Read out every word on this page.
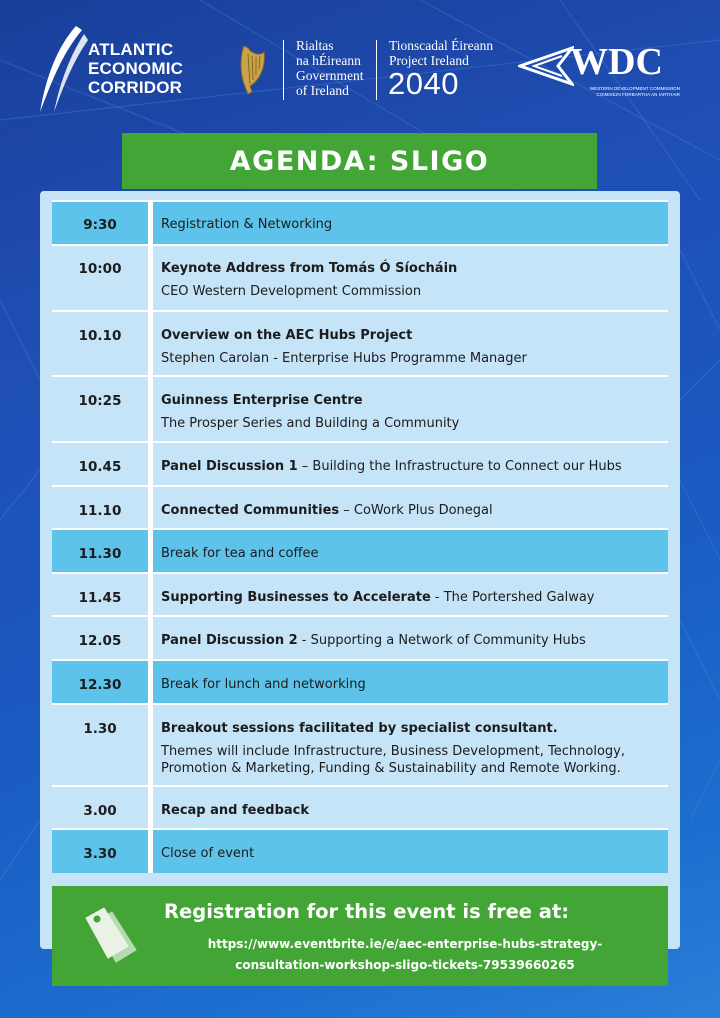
ATLANTIC
ECONOMIC
CORRIDOR
Rialtas
na hÉireann
Government
of Ireland
Tionscadal Éireann
Project Ireland
2040
WDC
WESTERN DEVELOPMENT COMMISSION
COIMISIÚN FORBARTHA AN IARTHAIR
AGENDA: SLIGO
9:30	Registration & Networking
10:00	Keynote Address from Tomás Ó Síocháin
CEO Western Development Commission
10.10	Overview on the AEC Hubs Project
Stephen Carolan - Enterprise Hubs Programme Manager
10:25	Guinness Enterprise Centre
The Prosper Series and Building a Community
10.45	Panel Discussion 1 – Building the Infrastructure to Connect our Hubs
11.10	Connected Communities – CoWork Plus Donegal
11.30	Break for tea and coffee
11.45	Supporting Businesses to Accelerate - The Portershed Galway
12.05	Panel Discussion 2 - Supporting a Network of Community Hubs
12.30	Break for lunch and networking
1.30	Breakout sessions facilitated by specialist consultant.
Themes will include Infrastructure, Business Development, Technology, Promotion & Marketing, Funding & Sustainability and Remote Working.
3.00	Recap and feedback
3.30	Close of event
Registration for this event is free at:
https://www.eventbrite.ie/e/aec-enterprise-hubs-strategy-
consultation-workshop-sligo-tickets-79539660265
